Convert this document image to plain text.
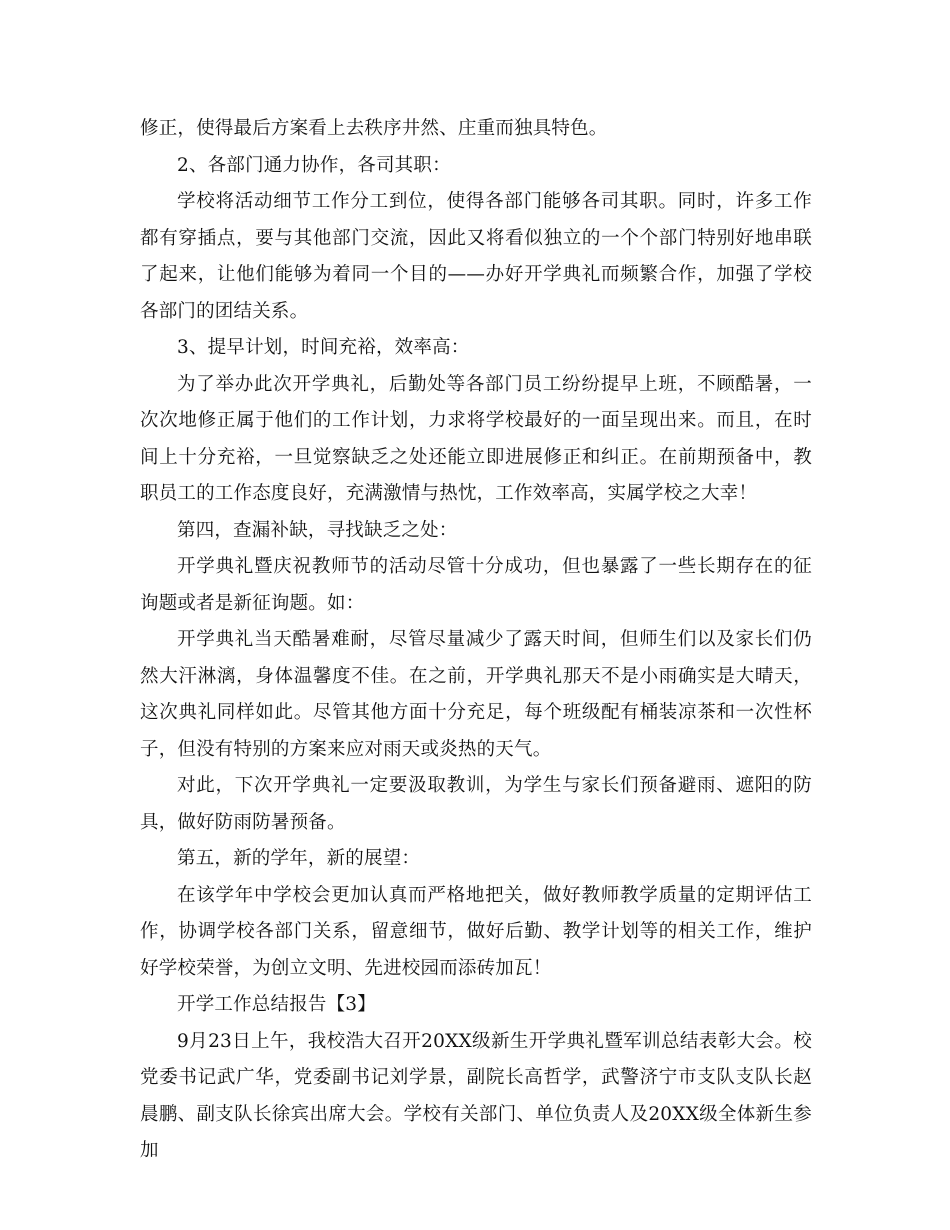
修正，使得最后方案看上去秩序井然、庄重而独具特色。

2、各部门通力协作，各司其职：

学校将活动细节工作分工到位，使得各部门能够各司其职。同时，许多工作都有穿插点，要与其他部门交流，因此又将看似独立的一个个部门特别好地串联了起来，让他们能够为着同一个目的——办好开学典礼而频繁合作，加强了学校各部门的团结关系。

3、提早计划，时间充裕，效率高：

为了举办此次开学典礼，后勤处等各部门员工纷纷提早上班，不顾酷暑，一次次地修正属于他们的工作计划，力求将学校最好的一面呈现出来。而且，在时间上十分充裕，一旦觉察缺乏之处还能立即进展修正和纠正。在前期预备中，教职员工的工作态度良好，充满激情与热忱，工作效率高，实属学校之大幸！

第四，查漏补缺，寻找缺乏之处：

开学典礼暨庆祝教师节的活动尽管十分成功，但也暴露了一些长期存在的征询题或者是新征询题。如：

开学典礼当天酷暑难耐，尽管尽量减少了露天时间，但师生们以及家长们仍然大汗淋漓，身体温馨度不佳。在之前，开学典礼那天不是小雨确实是大晴天，这次典礼同样如此。尽管其他方面十分充足，每个班级配有桶装凉茶和一次性杯子，但没有特别的方案来应对雨天或炎热的天气。

对此，下次开学典礼一定要汲取教训，为学生与家长们预备避雨、遮阳的防具，做好防雨防暑预备。

第五，新的学年，新的展望：

在该学年中学校会更加认真而严格地把关，做好教师教学质量的定期评估工作，协调学校各部门关系，留意细节，做好后勤、教学计划等的相关工作，维护好学校荣誉，为创立文明、先进校园而添砖加瓦！

开学工作总结报告【3】

9月23日上午，我校浩大召开20XX级新生开学典礼暨军训总结表彰大会。校党委书记武广华，党委副书记刘学景，副院长高哲学，武警济宁市支队支队长赵晨鹏、副支队长徐宾出席大会。学校有关部门、单位负责人及20XX级全体新生参加
